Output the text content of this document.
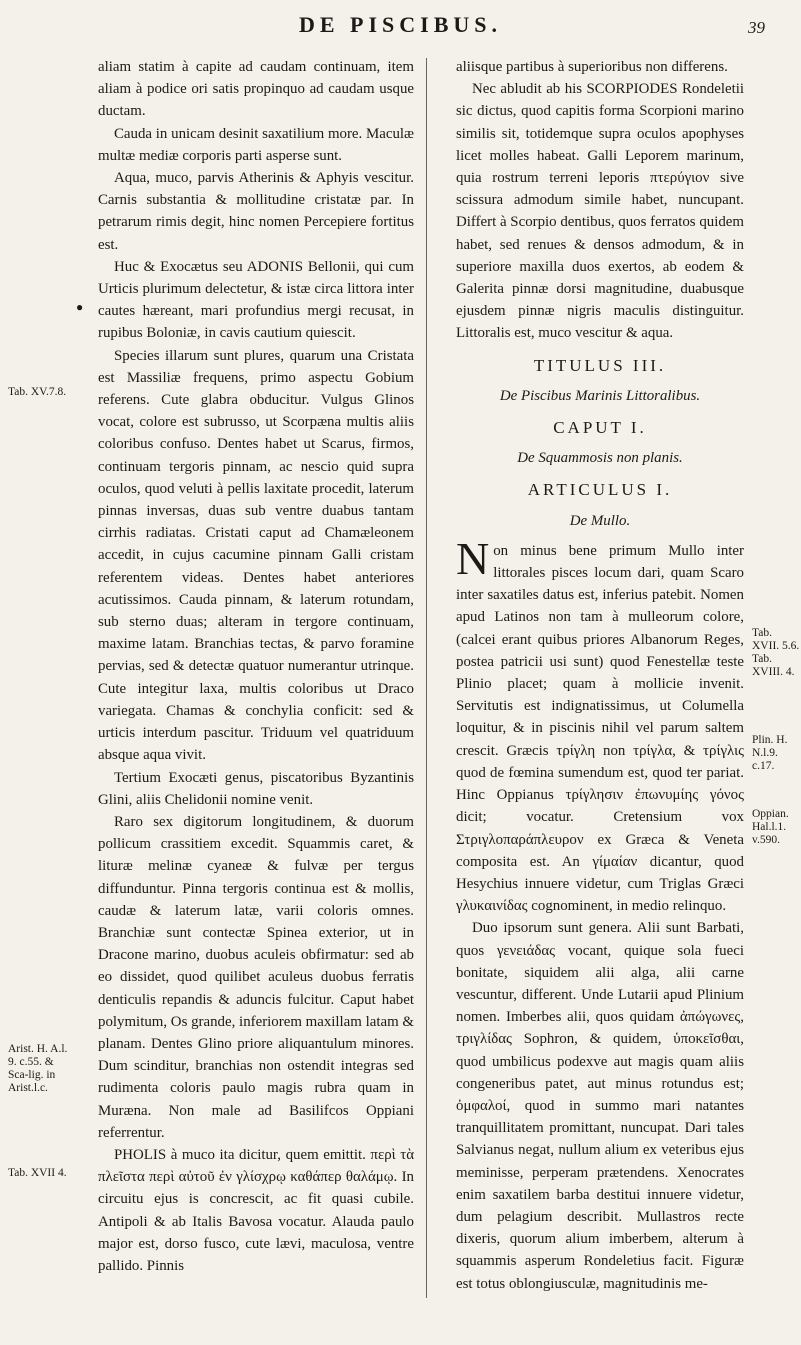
DE PISCIBUS.	39
Tab. XV.7.8.
●
Arist. H. A.l. 9. c.55. & Sca-lig. in Arist.l.c.
Tab. XVII 4.
Tab. XVII. 5.6. Tab. XVIII. 4.
Plin. H. N.l.9. c.17.
Oppian. Hal.l.1. v.590.

aliam statim à capite ad caudam continuam, item aliam à podice ori satis propinquo ad caudam usque ductam.

Cauda in unicam desinit saxatilium more. Maculæ multæ mediæ corporis parti asperse sunt.

Aqua, muco, parvis Atherinis & Aphyis vescitur. Carnis substantia & mollitudine cristatæ par. In petrarum rimis degit, hinc nomen Percepiere fortitus est.

Huc & Exocætus seu ADONIS Bellonii, qui cum Urticis plurimum delectetur, & istæ circa littora inter cautes hæreant, mari profundius mergi recusat, in rupibus Boloniæ, in cavis cautium quiescit.

Species illarum sunt plures, quarum una Cristata est Massiliæ frequens, primo aspectu Gobium referens. Cute glabra obducitur. Vulgus Glinos vocat, colore est subrusso, ut Scorpæna multis aliis coloribus confuso. Dentes habet ut Scarus, firmos, continuam tergoris pinnam, ac nescio quid supra oculos, quod veluti à pellis laxitate procedit, laterum pinnas inversas, duas sub ventre duabus tantam cirrhis radiatas. Cristati caput ad Chamæleonem accedit, in cujus cacumine pinnam Galli cristam referentem videas. Dentes habet anteriores acutissimos. Cauda pinnam, & laterum rotundam, sub sterno duas; alteram in tergore continuam, maxime latam. Branchias tectas, & parvo foramine pervias, sed & detectæ quatuor numerantur utrinque. Cute integitur laxa, multis coloribus ut Draco variegata. Chamas & conchylia conficit: sed & urticis interdum pascitur. Triduum vel quatriduum absque aqua vivit.

Tertium Exocæti genus, piscatoribus Byzantinis Glini, aliis Chelidonii nomine venit.

Raro sex digitorum longitudinem, & duorum pollicum crassitiem excedit. Squammis caret, & lituræ melinæ cyaneæ & fulvæ per tergus diffunduntur. Pinna tergoris continua est & mollis, caudæ & laterum latæ, varii coloris omnes. Branchiæ sunt contectæ Spinea exterior, ut in Dracone marino, duobus aculeis obfirmatur: sed ab eo dissidet, quod quilibet aculeus duobus ferratis denticulis repandis & aduncis fulcitur. Caput habet polymitum, Os grande, inferiorem maxillam latam & planam. Dentes Glino priore aliquantulum minores. Dum scinditur, branchias non ostendit integras sed rudimenta coloris paulo magis rubra quam in Murænа. Non male ad Basilifcos Oppiani referrentur.

PHOLIS à muco ita dicitur, quem emittit. περὶ τὰ πλεῖστα περὶ αὐτοῦ ἐν γλίσχρῳ καθάπερ θαλάμῳ. In circuitu ejus is concrescit, ac fit quasi cubile. Antipoli & ab Italis Bavosa vocatur. Alauda paulo major est, dorso fusco, cute lævi, maculosa, ventre pallido. Pinnis

aliisque partibus à superioribus non differens.

Nec abludit ab his SCORPIODES Rondeletii sic dictus, quod capitis forma Scorpioni marino similis sit, totidemque supra oculos apophyses licet molles habeat. Galli Leporem marinum, quia rostrum terreni leporis πτερύγιον sive scissura admodum simile habet, nuncupant. Differt à Scorpio dentibus, quos ferratos quidem habet, sed renues & densos admodum, & in superiore maxilla duos exertos, ab eodem & Galerita pinnæ dorsi magnitudine, duabusque ejusdem pinnæ nigris maculis distinguitur. Littoralis est, muco vescitur & aqua.

TITULUS III.
De Piscibus Marinis Littoralibus.
CAPUT I.
De Squammosis non planis.
ARTICULUS I.
De Mullo.

Non minus bene primum Mullo inter littorales pisces locum dari, quam Scaro inter saxatiles datus est, inferius patebit. Nomen apud Latinos non tam à mulleorum colore, (calcei erant quibus priores Albanorum Reges, postea patricii usi sunt) quod Fenestellæ teste Plinio placet; quam à mollicie invenit. Servitutis est indignatissimus, ut Columella loquitur, & in piscinis nihil vel parum saltem crescit. Græcis τρίγλη non τρίγλα, & τρίγλις quod de fœmina sumendum est, quod ter pariat. Hinc Oppianus τρίγλησιν ἐπωνυμίης γόνος dicit; vocatur. Cretensium vox Στριγλοπαράπλευρον ex Græca & Veneta composita est. An γίμαίαν dicantur, quod Hesychius innuere videtur, cum Triglas Græci γλυκαινίδας cognominent, in medio relinquo.

Duo ipsorum sunt genera. Alii sunt Barbati, quos γενειάδας vocant, quique sola fueci bonitate, siquidem alii alga, alii carne vescuntur, different. Unde Lutarii apud Plinium nomen. Imberbes alii, quos quidam ἀπώγωνες, τριγλίδας Sophron, & quidem, ὑποκεῖσθαι, quod umbilicus podexve aut magis quam aliis congeneribus patet, aut minus rotundus est; ὀμφαλοί, quod in summo mari natantes tranquillitatem promittant, nuncupat. Dari tales Salvianus negat, nullum alium ex veteribus ejus meminisse, perperam prætendens. Xenocrates enim saxatilem barba destitui innuere videtur, dum pelagium describit. Mullastros recte dixeris, quorum alium imberbem, alterum à squammis asperum Rondeletius facit. Figuræ est totus oblongiusculæ, magnitudinis me-
